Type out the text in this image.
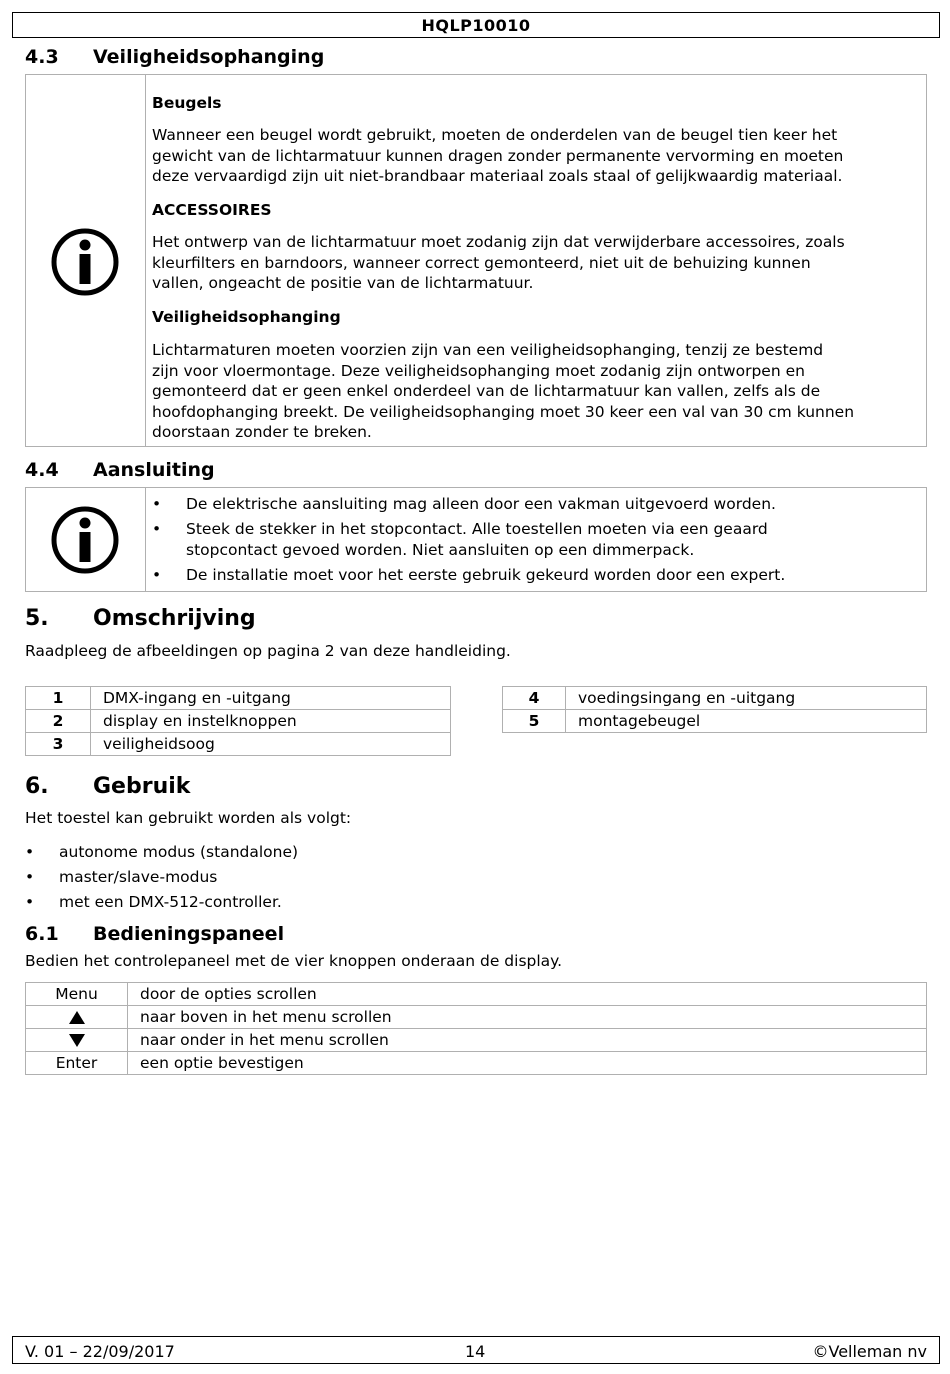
HQLP10010
4.3 Veiligheidsophanging
Beugels
Wanneer een beugel wordt gebruikt, moeten de onderdelen van de beugel tien keer het
gewicht van de lichtarmatuur kunnen dragen zonder permanente vervorming en moeten
deze vervaardigd zijn uit niet-brandbaar materiaal zoals staal of gelijkwaardig materiaal.
ACCESSOIRES
Het ontwerp van de lichtarmatuur moet zodanig zijn dat verwijderbare accessoires, zoals
kleurfilters en barndoors, wanneer correct gemonteerd, niet uit de behuizing kunnen
vallen, ongeacht de positie van de lichtarmatuur.
Veiligheidsophanging
Lichtarmaturen moeten voorzien zijn van een veiligheidsophanging, tenzij ze bestemd
zijn voor vloermontage. Deze veiligheidsophanging moet zodanig zijn ontworpen en
gemonteerd dat er geen enkel onderdeel van de lichtarmatuur kan vallen, zelfs als de
hoofdophanging breekt. De veiligheidsophanging moet 30 keer een val van 30 cm kunnen
doorstaan zonder te breken.
4.4 Aansluiting
• De elektrische aansluiting mag alleen door een vakman uitgevoerd worden.
• Steek de stekker in het stopcontact. Alle toestellen moeten via een geaard
stopcontact gevoed worden. Niet aansluiten op een dimmerpack.
• De installatie moet voor het eerste gebruik gekeurd worden door een expert.
5. Omschrijving
Raadpleeg de afbeeldingen op pagina 2 van deze handleiding.
1	DMX-ingang en -uitgang
2	display en instelknoppen
3	veiligheidsoog
4	voedingsingang en -uitgang
5	montagebeugel
6. Gebruik
Het toestel kan gebruikt worden als volgt:
• autonome modus (standalone)
• master/slave-modus
• met een DMX-512-controller.
6.1 Bedieningspaneel
Bedien het controlepaneel met de vier knoppen onderaan de display.
Menu	door de opties scrollen
	naar boven in het menu scrollen
	naar onder in het menu scrollen
Enter	een optie bevestigen
V. 01 – 22/09/2017	14	©Velleman nv
